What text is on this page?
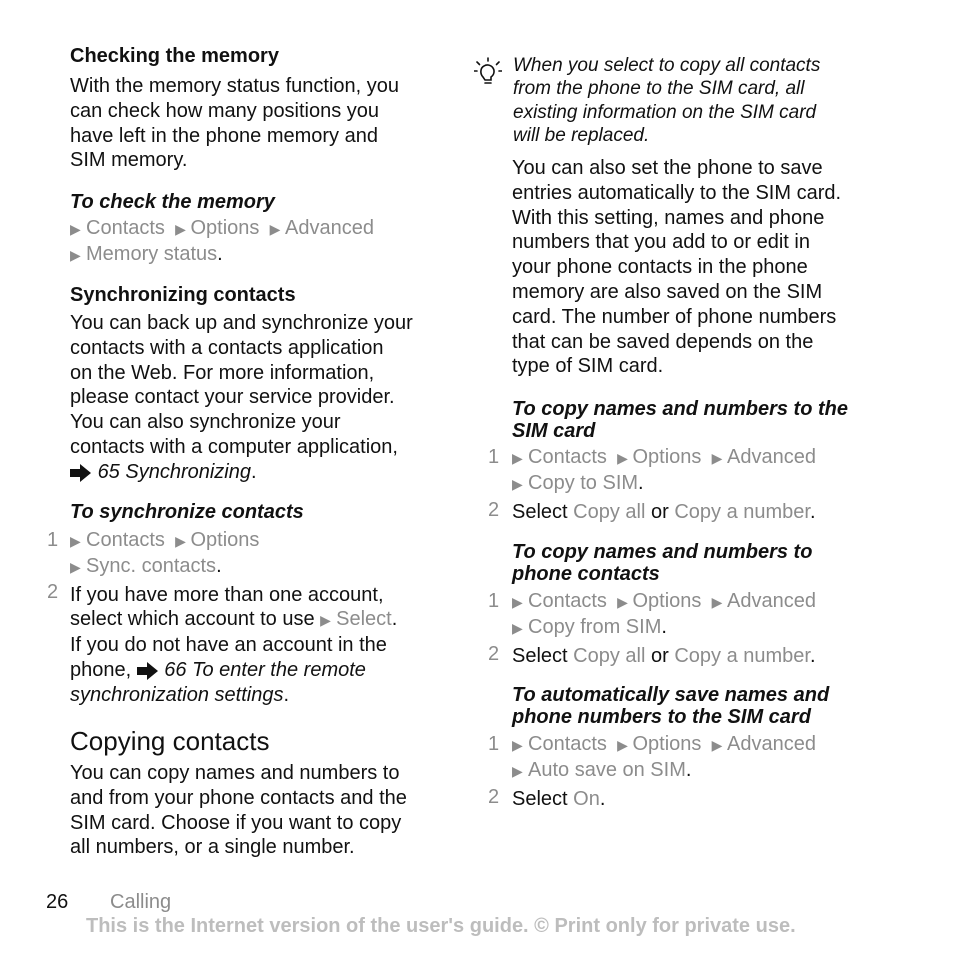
Checking the memory
With the memory status function, you
can check how many positions you
have left in the phone memory and
SIM memory.
To check the memory
▶ Contacts ▶ Options ▶ Advanced
▶ Memory status.
Synchronizing contacts
You can back up and synchronize your
contacts with a contacts application
on the Web. For more information,
please contact your service provider.
You can also synchronize your
contacts with a computer application,
65 Synchronizing.
To synchronize contacts
1 ▶ Contacts ▶ Options
▶ Sync. contacts.
2 If you have more than one account,
select which account to use ▶ Select.
If you do not have an account in the
phone,  66 To enter the remote
synchronization settings.
Copying contacts
You can copy names and numbers to
and from your phone contacts and the
SIM card. Choose if you want to copy
all numbers, or a single number.
When you select to copy all contacts
from the phone to the SIM card, all
existing information on the SIM card
will be replaced.
You can also set the phone to save
entries automatically to the SIM card.
With this setting, names and phone
numbers that you add to or edit in
your phone contacts in the phone
memory are also saved on the SIM
card. The number of phone numbers
that can be saved depends on the
type of SIM card.
To copy names and numbers to the
SIM card
1 ▶ Contacts ▶ Options ▶ Advanced
▶ Copy to SIM.
2 Select Copy all or Copy a number.
To copy names and numbers to
phone contacts
1 ▶ Contacts ▶ Options ▶ Advanced
▶ Copy from SIM.
2 Select Copy all or Copy a number.
To automatically save names and
phone numbers to the SIM card
1 ▶ Contacts ▶ Options ▶ Advanced
▶ Auto save on SIM.
2 Select On.
26 Calling
This is the Internet version of the user's guide. © Print only for private use.
